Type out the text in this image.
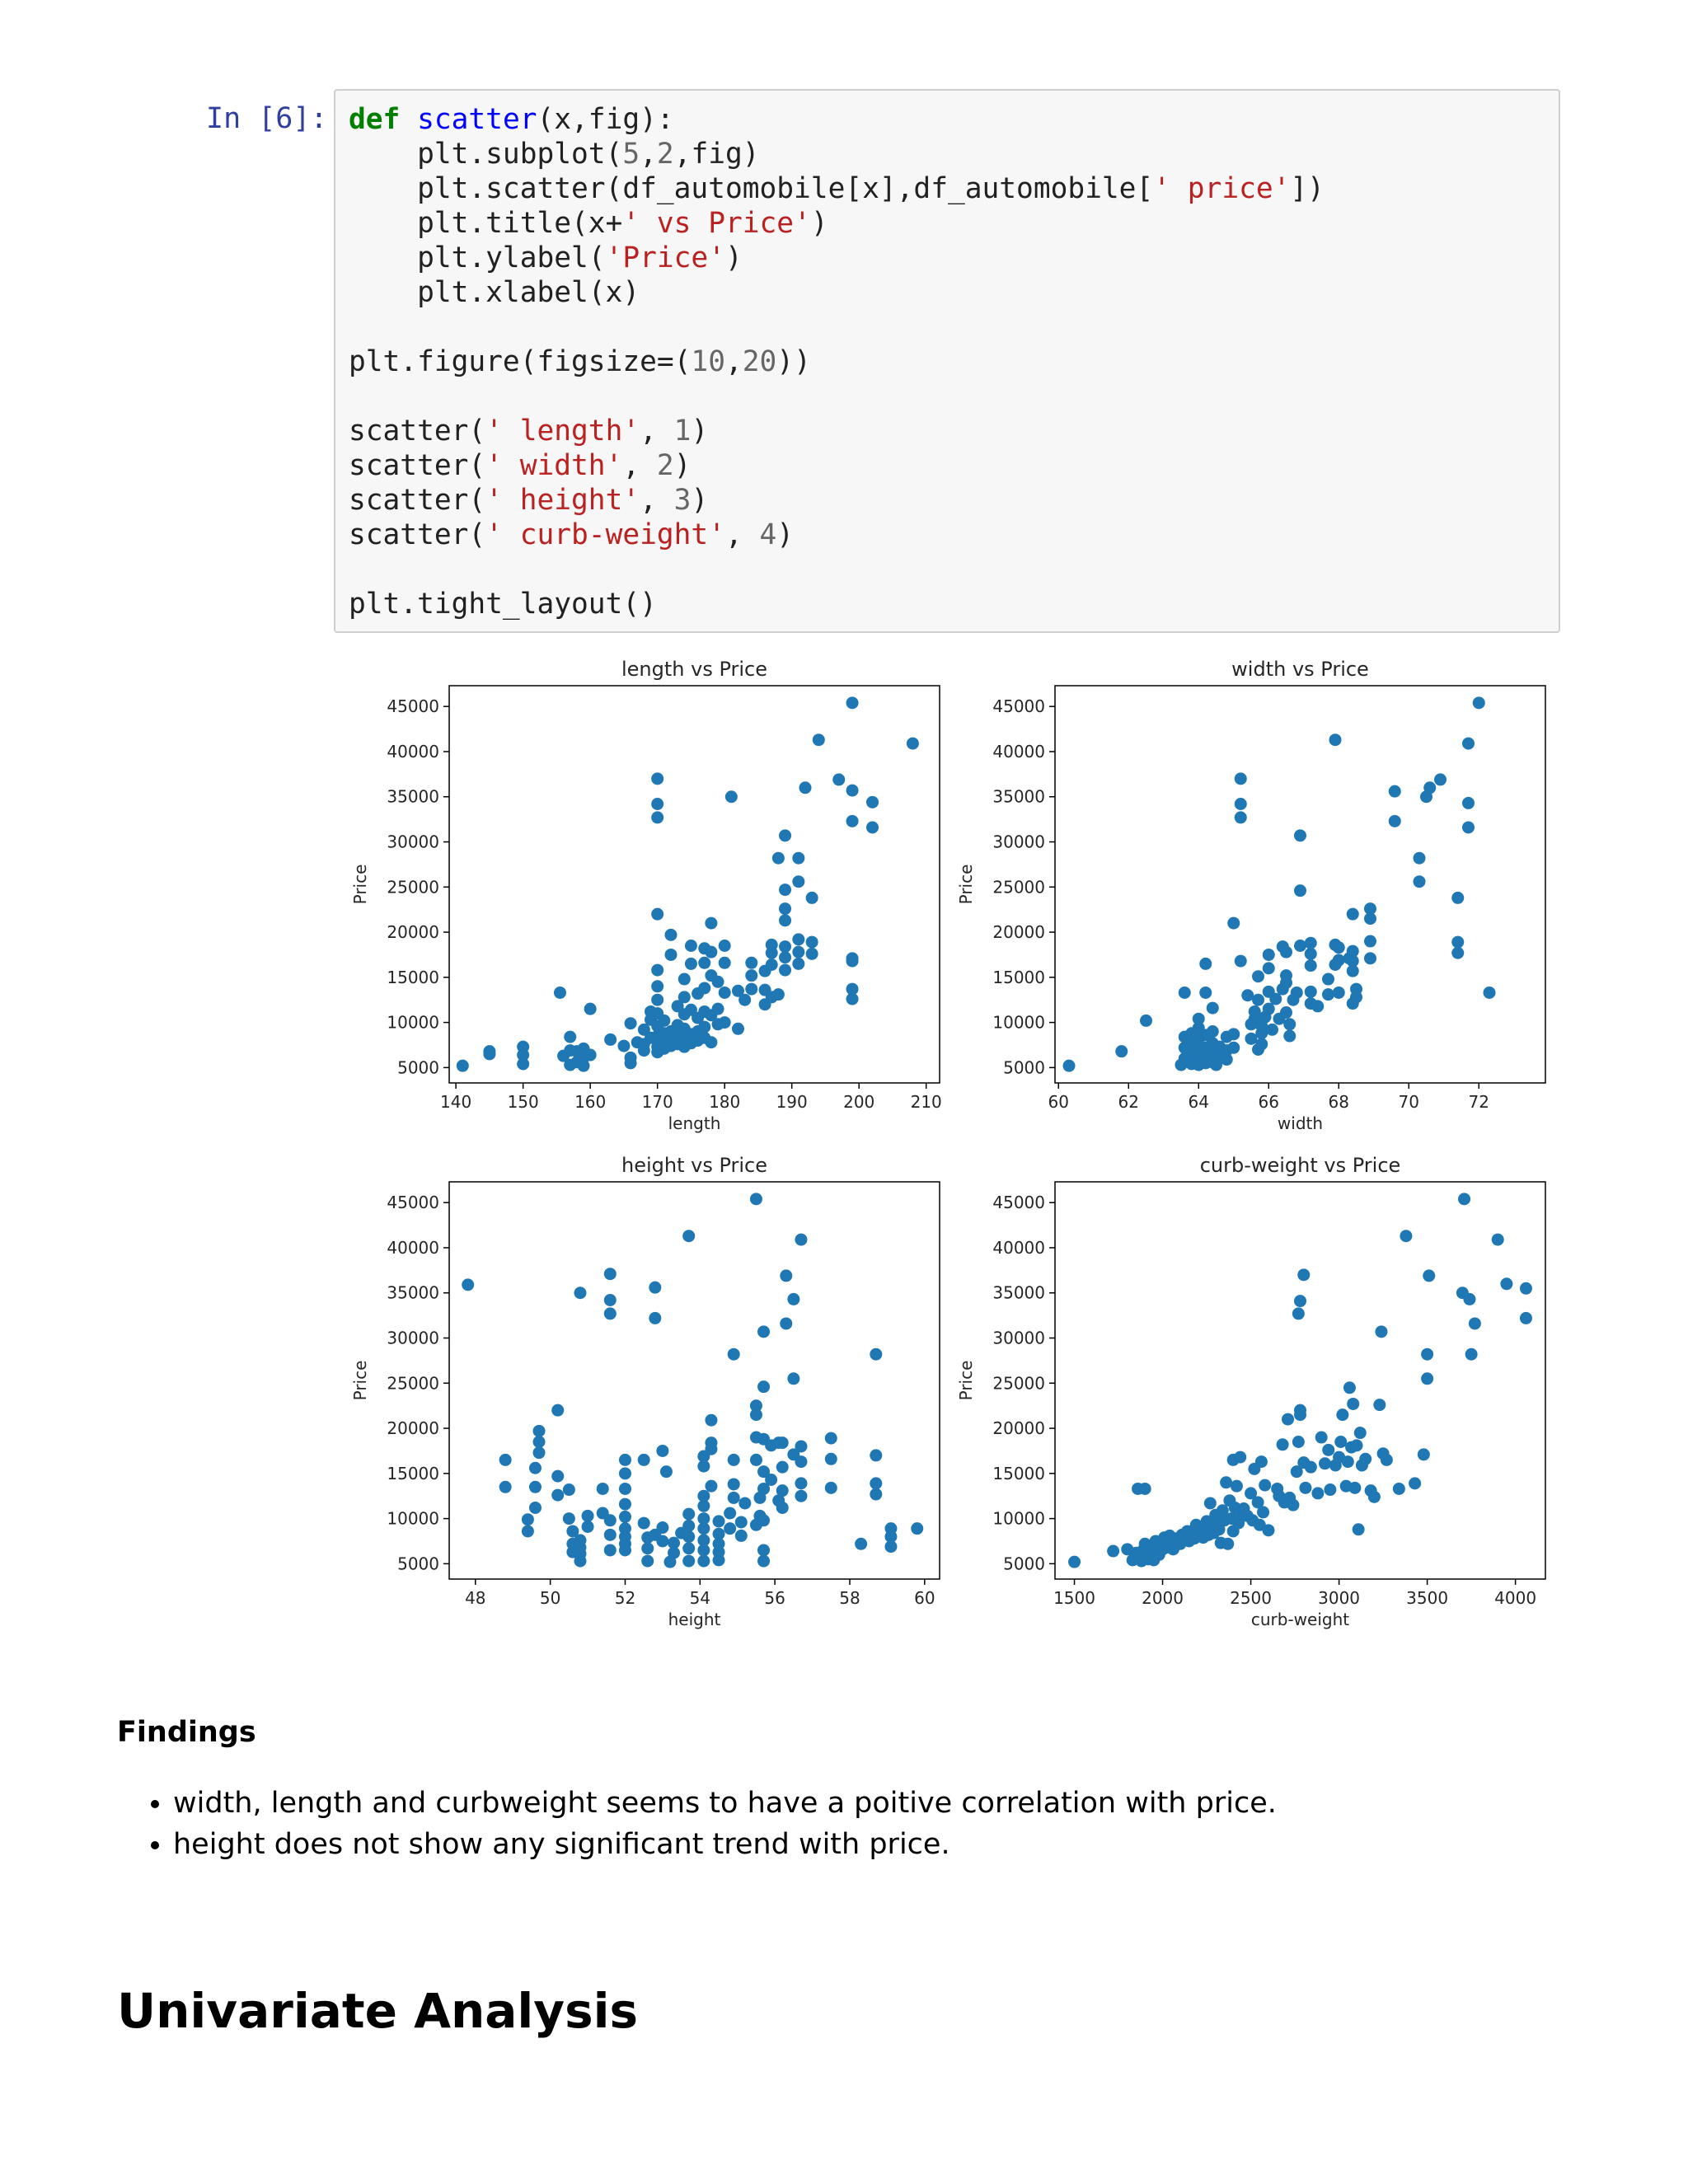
In [6]: def scatter(x,fig):
plt.subplot(5,2,fig)
plt.scatter(df_automobile[x],df_automobile[' price'])
plt.title(x+' vs Price')
plt.ylabel('Price')
plt.xlabel(x)

plt.figure(figsize=(10,20))

scatter(' length', 1)
scatter(' width', 2)
scatter(' height', 3)
scatter(' curb-weight', 4)

plt.tight_layout()
length vs Price
140 150 160 170 180 190 200 210
5000
10000
15000
20000
25000
30000
35000
40000
45000
length
Price
width vs Price
60	62	64	66	68	70	72
5000
10000
15000
20000
25000
30000
35000
40000
45000
width
Price
height vs Price
48	50	52	54	56	58	60
5000
10000
15000
20000
25000
30000
35000
40000
45000
height
Price
curb-weight vs Price
1500	2000	2500	3000	3500	4000
5000
10000
15000
20000
25000
30000
35000
40000
45000
curb-weight
Price
Findings
• width, length and curbweight seems to have a poitive correlation with price.
• height does not show any significant trend with price.
Univariate Analysis
